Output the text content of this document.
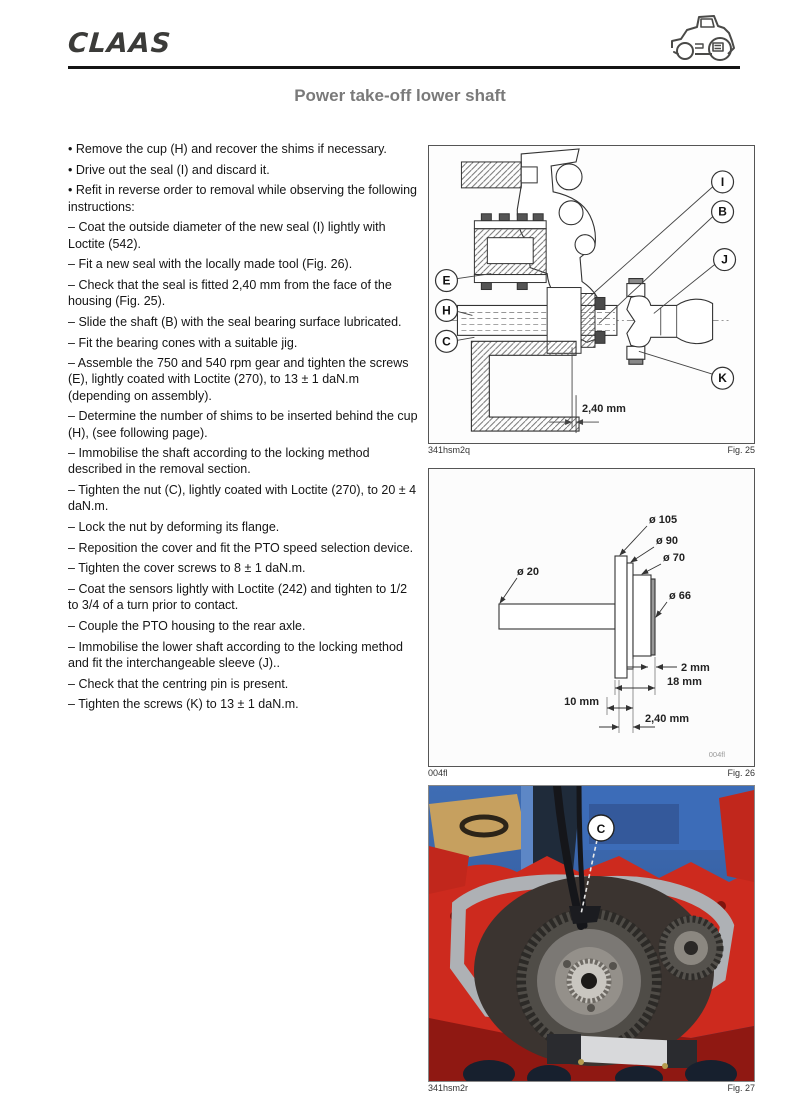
CLAAS
Power take-off lower shaft

• Remove the cup (H) and recover the shims if necessary.

• Drive out the seal (I) and discard it.

• Refit in reverse order to removal while observing the following instructions:

– Coat the outside diameter of the new seal (I) lightly with Loctite (542).

– Fit a new seal with the locally made tool (Fig. 26).

– Check that the seal is fitted 2,40 mm from the face of the housing (Fig. 25).

– Slide the shaft (B) with the seal bearing surface lubricated.

– Fit the bearing cones with a suitable jig.

– Assemble the 750 and 540 rpm gear and tighten the screws (E), lightly coated with Loctite (270), to 13 ± 1 daN.m (depending on assembly).

– Determine the number of shims to be inserted behind the cup (H), (see following page).

– Immobilise the shaft according to the locking method described in the removal section.

– Tighten the nut (C), lightly coated with Loctite (270), to 20 ± 4 daN.m.

– Lock the nut by deforming its flange.

– Reposition the cover and fit the PTO speed selection device.

– Tighten the cover screws to 8 ± 1 daN.m.

– Coat the sensors lightly with Loctite (242) and tighten to 1/2 to 3/4 of a turn prior to contact.

– Couple the PTO housing to the rear axle.

– Immobilise the lower shaft according to the locking method and fit the interchangeable sleeve (J)..

– Check that the centring pin is present.

– Tighten the screws (K) to 13 ± 1 daN.m.

2,40 mm
I
B
J
K
E
H
C
341hsm2q	Fig. 25
ø 105
ø 90
ø 70
ø 66
ø 20
2 mm
18 mm
10 mm
2,40 mm
004fl
004fl	Fig. 26
C
341hsm2r	Fig. 27
